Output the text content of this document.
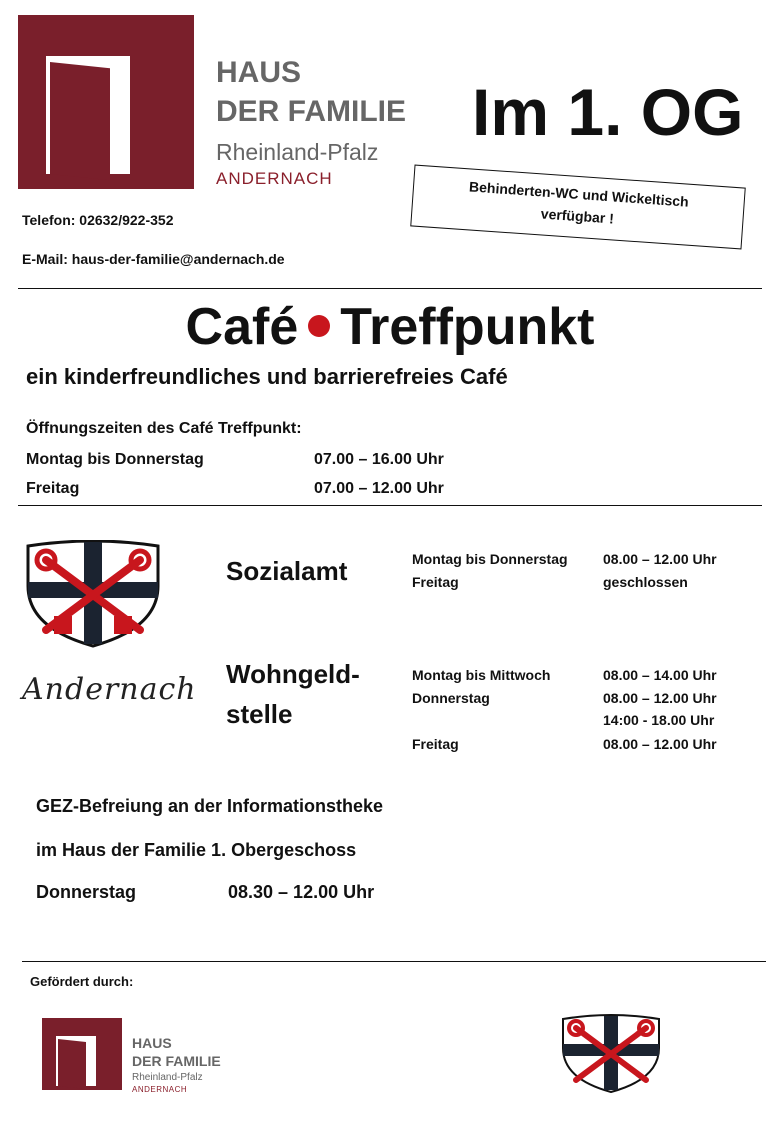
HAUS
DER FAMILIE
Rheinland-Pfalz
ANDERNACH
Im 1. OG
Behinderten-WC und Wickeltisch
verfügbar !
Telefon: 02632/922-352
E-Mail: haus-der-familie@andernach.de
Café Treffpunkt
ein kinderfreundliches und barrierefreies Café
Öffnungszeiten des Café Treffpunkt:
Montag bis Donnerstag	07.00 – 16.00 Uhr
Freitag	07.00 – 12.00 Uhr
Sozialamt	Montag bis Donnerstag	08.00 – 12.00 Uhr
Freitag	geschlossen
Andernach Wohngeld-
stelle
Montag bis Mittwoch	08.00 – 14.00 Uhr
Donnerstag	08.00 – 12.00 Uhr
14:00 - 18.00 Uhr
Freitag	08.00 – 12.00 Uhr
GEZ-Befreiung an der Informationstheke
im Haus der Familie 1. Obergeschoss
Donnerstag	08.30 – 12.00 Uhr
Gefördert durch:
HAUS
DER FAMILIE
Rheinland-Pfalz
ANDERNACH
